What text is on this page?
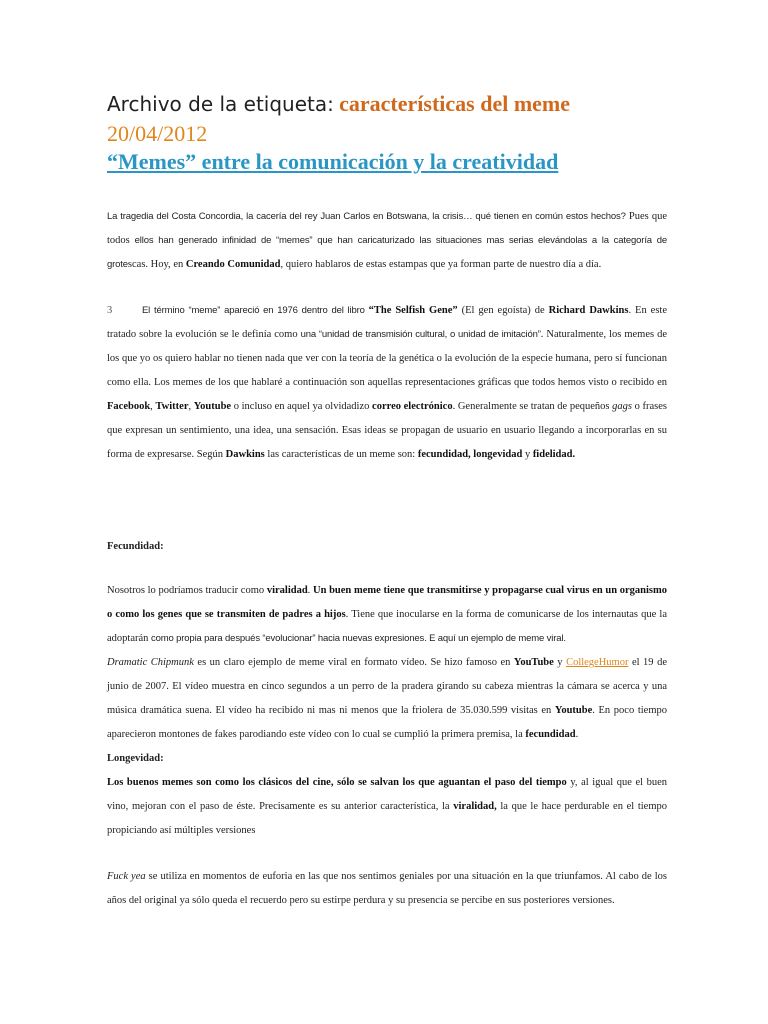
Archivo de la etiqueta: características del meme
20/04/2012
“Memes” entre la comunicación y la creatividad

La tragedia del Costa Concordia, la cacería del rey Juan Carlos en Botswana, la crisis… qué tienen en común estos hechos? Pues que todos ellos han generado infinidad de “memes” que han caricaturizado las situaciones mas serias elevándolas a la categoría de grotescas. Hoy, en Creando Comunidad, quiero hablaros de estas estampas que ya forman parte de nuestro día a día.

3	El término “meme” apareció en 1976 dentro del libro “The Selfish Gene” (El gen egoísta) de Richard Dawkins. En este tratado sobre la evolución se le definía como una “unidad de transmisión cultural, o unidad de imitación”. Naturalmente, los memes de los que yo os quiero hablar no tienen nada que ver con la teoría de la genética o la evolución de la especie humana, pero sí funcionan como ella. Los memes de los que hablaré a continuación son aquellas representaciones gráficas que todos hemos visto o recibido en Facebook, Twitter, Youtube o incluso en aquel ya olvidadizo correo electrónico. Generalmente se tratan de pequeños gags o frases que expresan un sentimiento, una idea, una sensación. Esas ideas se propagan de usuario en usuario llegando a incorporarlas en su forma de expresarse. Según Dawkins las características de un meme son: fecundidad, longevidad y fidelidad.

Fecundidad:

Nosotros lo podríamos traducir como viralidad. Un buen meme tiene que transmitirse y propagarse cual virus en un organismo o como los genes que se transmiten de padres a hijos. Tiene que inocularse en la forma de comunicarse de los internautas que la adoptarán como propia para después “evolucionar” hacia nuevas expresiones. E aquí un ejemplo de meme viral.

Dramatic Chipmunk es un claro ejemplo de meme viral en formato vídeo. Se hizo famoso en YouTube y CollegeHumor el 19 de junio de 2007. El vídeo muestra en cinco segundos a un perro de la pradera girando su cabeza mientras la cámara se acerca y una música dramática suena. El vídeo ha recibido ni mas ni menos que la friolera de 35.030.599 visitas en Youtube. En poco tiempo aparecieron montones de fakes parodiando este vídeo con lo cual se cumplió la primera premisa, la fecundidad.

Longevidad:

Los buenos memes son como los clásicos del cine, sólo se salvan los que aguantan el paso del tiempo y, al igual que el buen vino, mejoran con el paso de éste. Precisamente es su anterior característica, la viralidad, la que le hace perdurable en el tiempo propiciando así múltiples versiones

Fuck yea se utiliza en momentos de euforia en las que nos sentimos geniales por una situación en la que triunfamos. Al cabo de los años del original ya sólo queda el recuerdo pero su estirpe perdura y su presencia se percibe en sus posteriores versiones.
